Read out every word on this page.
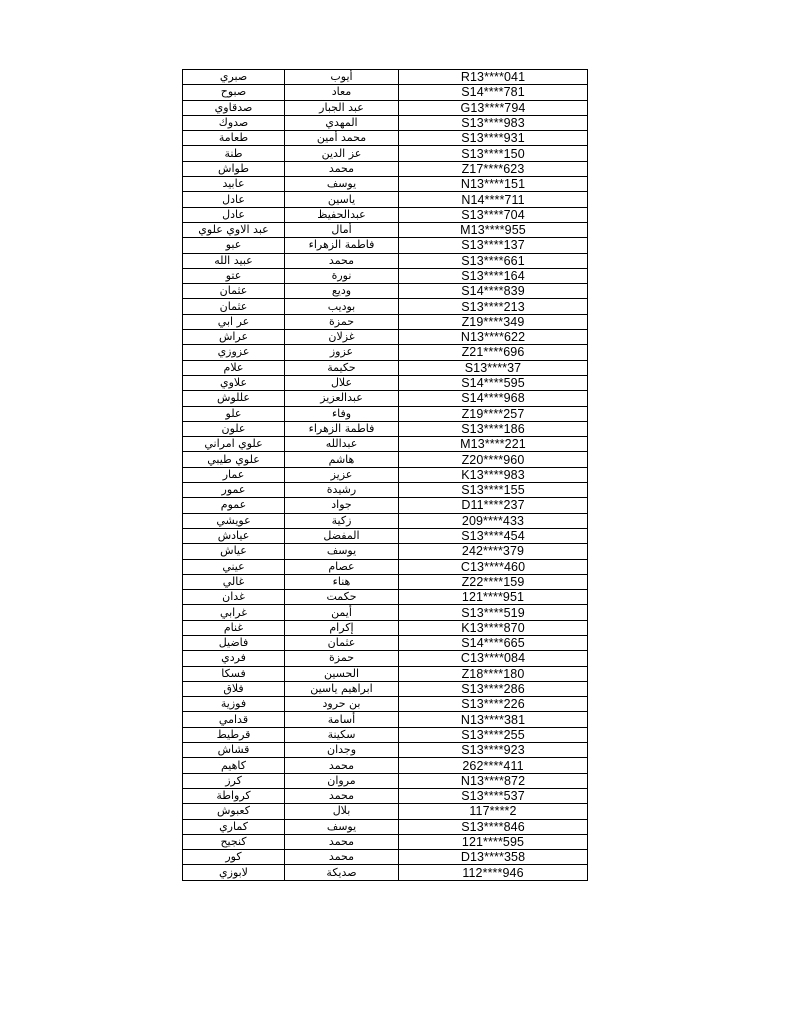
صبري	أيوب	R13****041
صبوح	معاد	S14****781
صدقاوي	عبد الجبار	G13****794
صدوك	المهدي	S13****983
طعامة	محمد أمين	S13****931
طنة	عز الدين	S13****150
طواش	محمد	Z17****623
عابيد	يوسف	N13****151
عادل	ياسين	N14****711
عادل	عبدالحفيظ	S13****704
عبد الاوي علوي	أمال	M13****955
عبو	فاطمة الزهراء	S13****137
عبيد الله	محمد	S13****661
عتو	نورة	S13****164
عثمان	وديع	S14****839
عثمان	بوديب	S13****213
عر ابي	حمزة	Z19****349
عراش	غزلان	N13****622
عزوزي	عزوز	Z21****696
علام	حكيمة	S13****37
علاوي	علال	S14****595
عللوش	عبدالعزيز	S14****968
علو	وفاء	Z19****257
علون	فاطمة الزهراء	S13****186
علوي امراني	عبدالله	M13****221
علوي طيبي	هاشم	Z20****960
عمار	عزيز	K13****983
عمور	رشيدة	S13****155
عموم	جواد	D11****237
عويشي	زكية	209****433
عيادش	المفضل	S13****454
عياش	يوسف	242****379
عيني	عصام	C13****460
غالي	هناء	Z22****159
غدان	حكمت	121****951
غرابي	أيمن	S13****519
غنام	إكرام	K13****870
فاضيل	عثمان	S14****665
فردي	حمزة	C13****084
فسكا	الحسين	Z18****180
فلاق	ابراهيم ياسين	S13****286
فوزية	بن حرود	S13****226
قدامي	أسامة	N13****381
قرطيط	سكينة	S13****255
قشاش	وجدان	S13****923
كاهيم	محمد	262****411
كرز	مروان	N13****872
كرواطة	محمد	S13****537
كعبوش	بلال	117****2
كماري	يوسف	S13****846
كنجيح	محمد	121****595
كور	محمد	D13****358
لابوزي	صديكة	112****946
